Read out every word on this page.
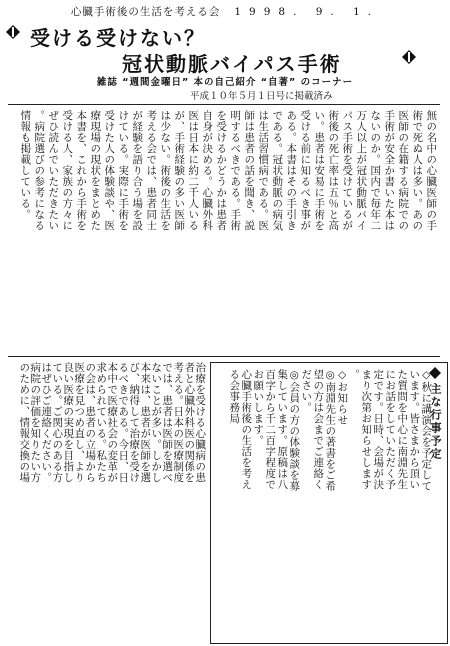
心臓手術後の生活を考える会 1998. 9. 1.
受ける受けない？
冠状動脈バイパス手術
雑誌 “週間金曜日” 本の自己紹介 “自著” のコーナー
平成１０年５月１日号に掲載済み
無の名中の心臓医師の手
術で死ぬ人は多い。あの
医師の在籍する病院での
手術が安全か書いた本は
ないのか。国内で毎年二
万人以上が冠状動脈バイ
パス手術を受けているが
術後の死亡率は五％と高
い。患者は安易に手術を
受ける前に知るべき事が
ある。本書はその手引き
である。冠状動脈の病気
は生活習慣病である。医
師は患者の話を聞き、説
明するべきである。手術
を受けるかどうかは患者
自身が決める。心臓外科
医は日本に約二千人いる
が、手術経験の多い医師
は少ない。術後の生活を
考える会では、患者同士
が経験を語り合う場を設
けている。実際に手術を
受けた人の体験談や、医
療現場の現状をまとめた
本書を、これから手術を
受ける人、家族の方々に
ぜひ読んでいただきたい
。病院選びの参考になる
情報も掲載している。
治療を受ける心臓病の患
者と心臓外科医の関係を
考える。日本の医療制度
では、患者は医師を選べ
ないことが多い。しかし
本来は、患者が医師を選
び、納得して治療を受け
るべきである。今日、日
本中で医療社会の変革が
求められている。私たち
の会は、患者の立場から
医療を見つめ直し、より
良い医療の実現を目指し
ている。ご関心のある方
はぜひご連絡ください。
病院の評価を知りたい方
のために、情報交換の場	主な行事予定
◇秋に講演会を予定して
います。皆さまから頂い
た質問を中心に南淵先生
にお話をしていただく予
定です。日時、会場が決
まり次第お知らせします
。
◇お知らせ
◎南淵先生の著書をご希
望の方は会までご連絡く
ださい。
◎会員の方の体験談を募
集しています。原稿は八
百字から千二百字程度で
お願いします。
心臓手術後の生活を考え
る会事務局
